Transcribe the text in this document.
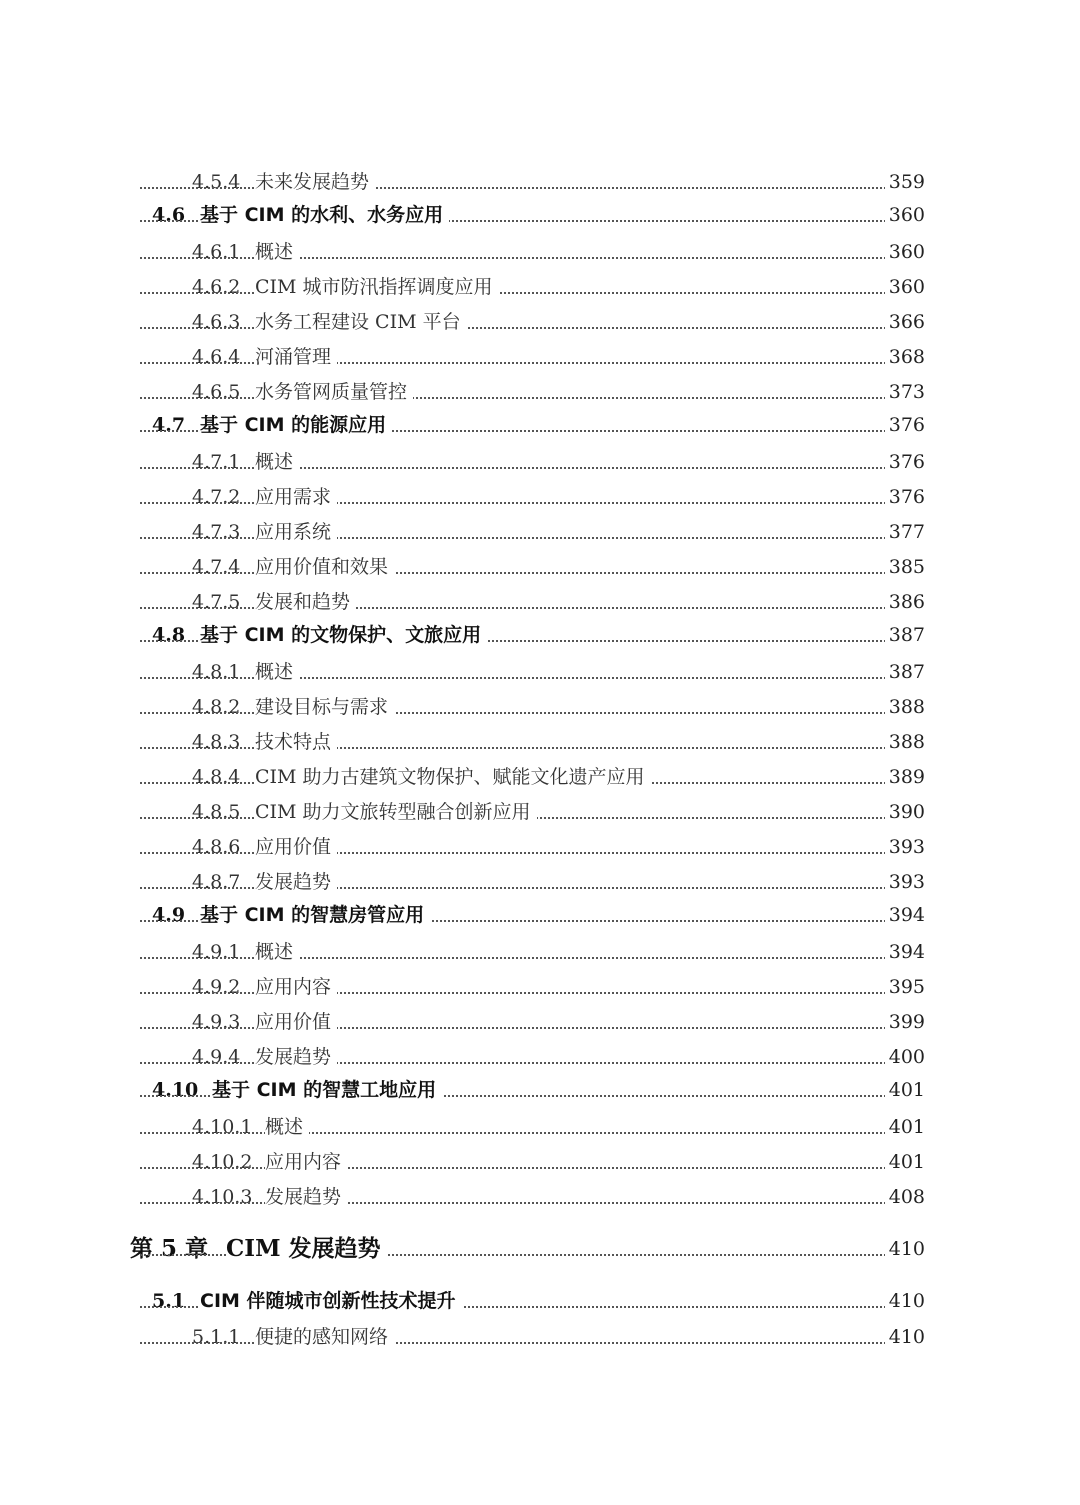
4.5.4 未来发展趋势	359
4.6 基于 CIM 的水利、水务应用	360
4.6.1 概述	360
4.6.2 CIM 城市防汛指挥调度应用	360
4.6.3 水务工程建设 CIM 平台	366
4.6.4 河涌管理	368
4.6.5 水务管网质量管控	373
4.7 基于 CIM 的能源应用	376
4.7.1 概述	376
4.7.2 应用需求	376
4.7.3 应用系统	377
4.7.4 应用价值和效果	385
4.7.5 发展和趋势	386
4.8 基于 CIM 的文物保护、文旅应用	387
4.8.1 概述	387
4.8.2 建设目标与需求	388
4.8.3 技术特点	388
4.8.4 CIM 助力古建筑文物保护、赋能文化遗产应用	389
4.8.5 CIM 助力文旅转型融合创新应用	390
4.8.6 应用价值	393
4.8.7 发展趋势	393
4.9 基于 CIM 的智慧房管应用	394
4.9.1 概述	394
4.9.2 应用内容	395
4.9.3 应用价值	399
4.9.4 发展趋势	400
4.10 基于 CIM 的智慧工地应用	401
4.10.1 概述	401
4.10.2 应用内容	401
4.10.3 发展趋势	408
第 5 章 CIM 发展趋势	410
5.1 CIM 伴随城市创新性技术提升	410
5.1.1 便捷的感知网络	410
